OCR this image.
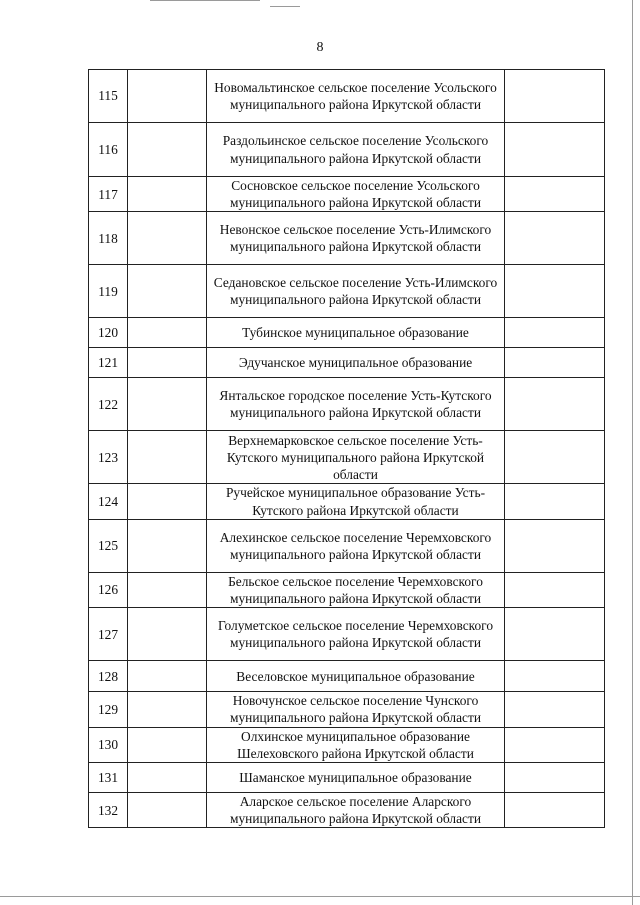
8
115		Новомальтинское сельское поселение Усольского муниципального района Иркутской области	
116		Раздольинское сельское поселение Усольского муниципального района Иркутской области	
117		Сосновское сельское поселение Усольского муниципального района Иркутской области	
118		Невонское сельское поселение Усть-Илимского муниципального района Иркутской области	
119		Седановское сельское поселение Усть-Илимского муниципального района Иркутской области	
120		Тубинское муниципальное образование	
121		Эдучанское муниципальное образование	
122		Янтальское городское поселение Усть-Кутского муниципального района Иркутской области	
123		Верхнемарковское сельское поселение Усть-Кутского муниципального района Иркутской области	
124		Ручейское муниципальное образование Усть-Кутского района Иркутской области	
125		Алехинское сельское поселение Черемховского муниципального района Иркутской области	
126		Бельское сельское поселение Черемховского муниципального района Иркутской области	
127		Голуметское сельское поселение Черемховского муниципального района Иркутской области	
128		Веселовское муниципальное образование	
129		Новочунское сельское поселение Чунского муниципального района Иркутской области	
130		Олхинское муниципальное образование Шелеховского района Иркутской области	
131		Шаманское муниципальное образование	
132		Аларское сельское поселение Аларского муниципального района Иркутской области	
